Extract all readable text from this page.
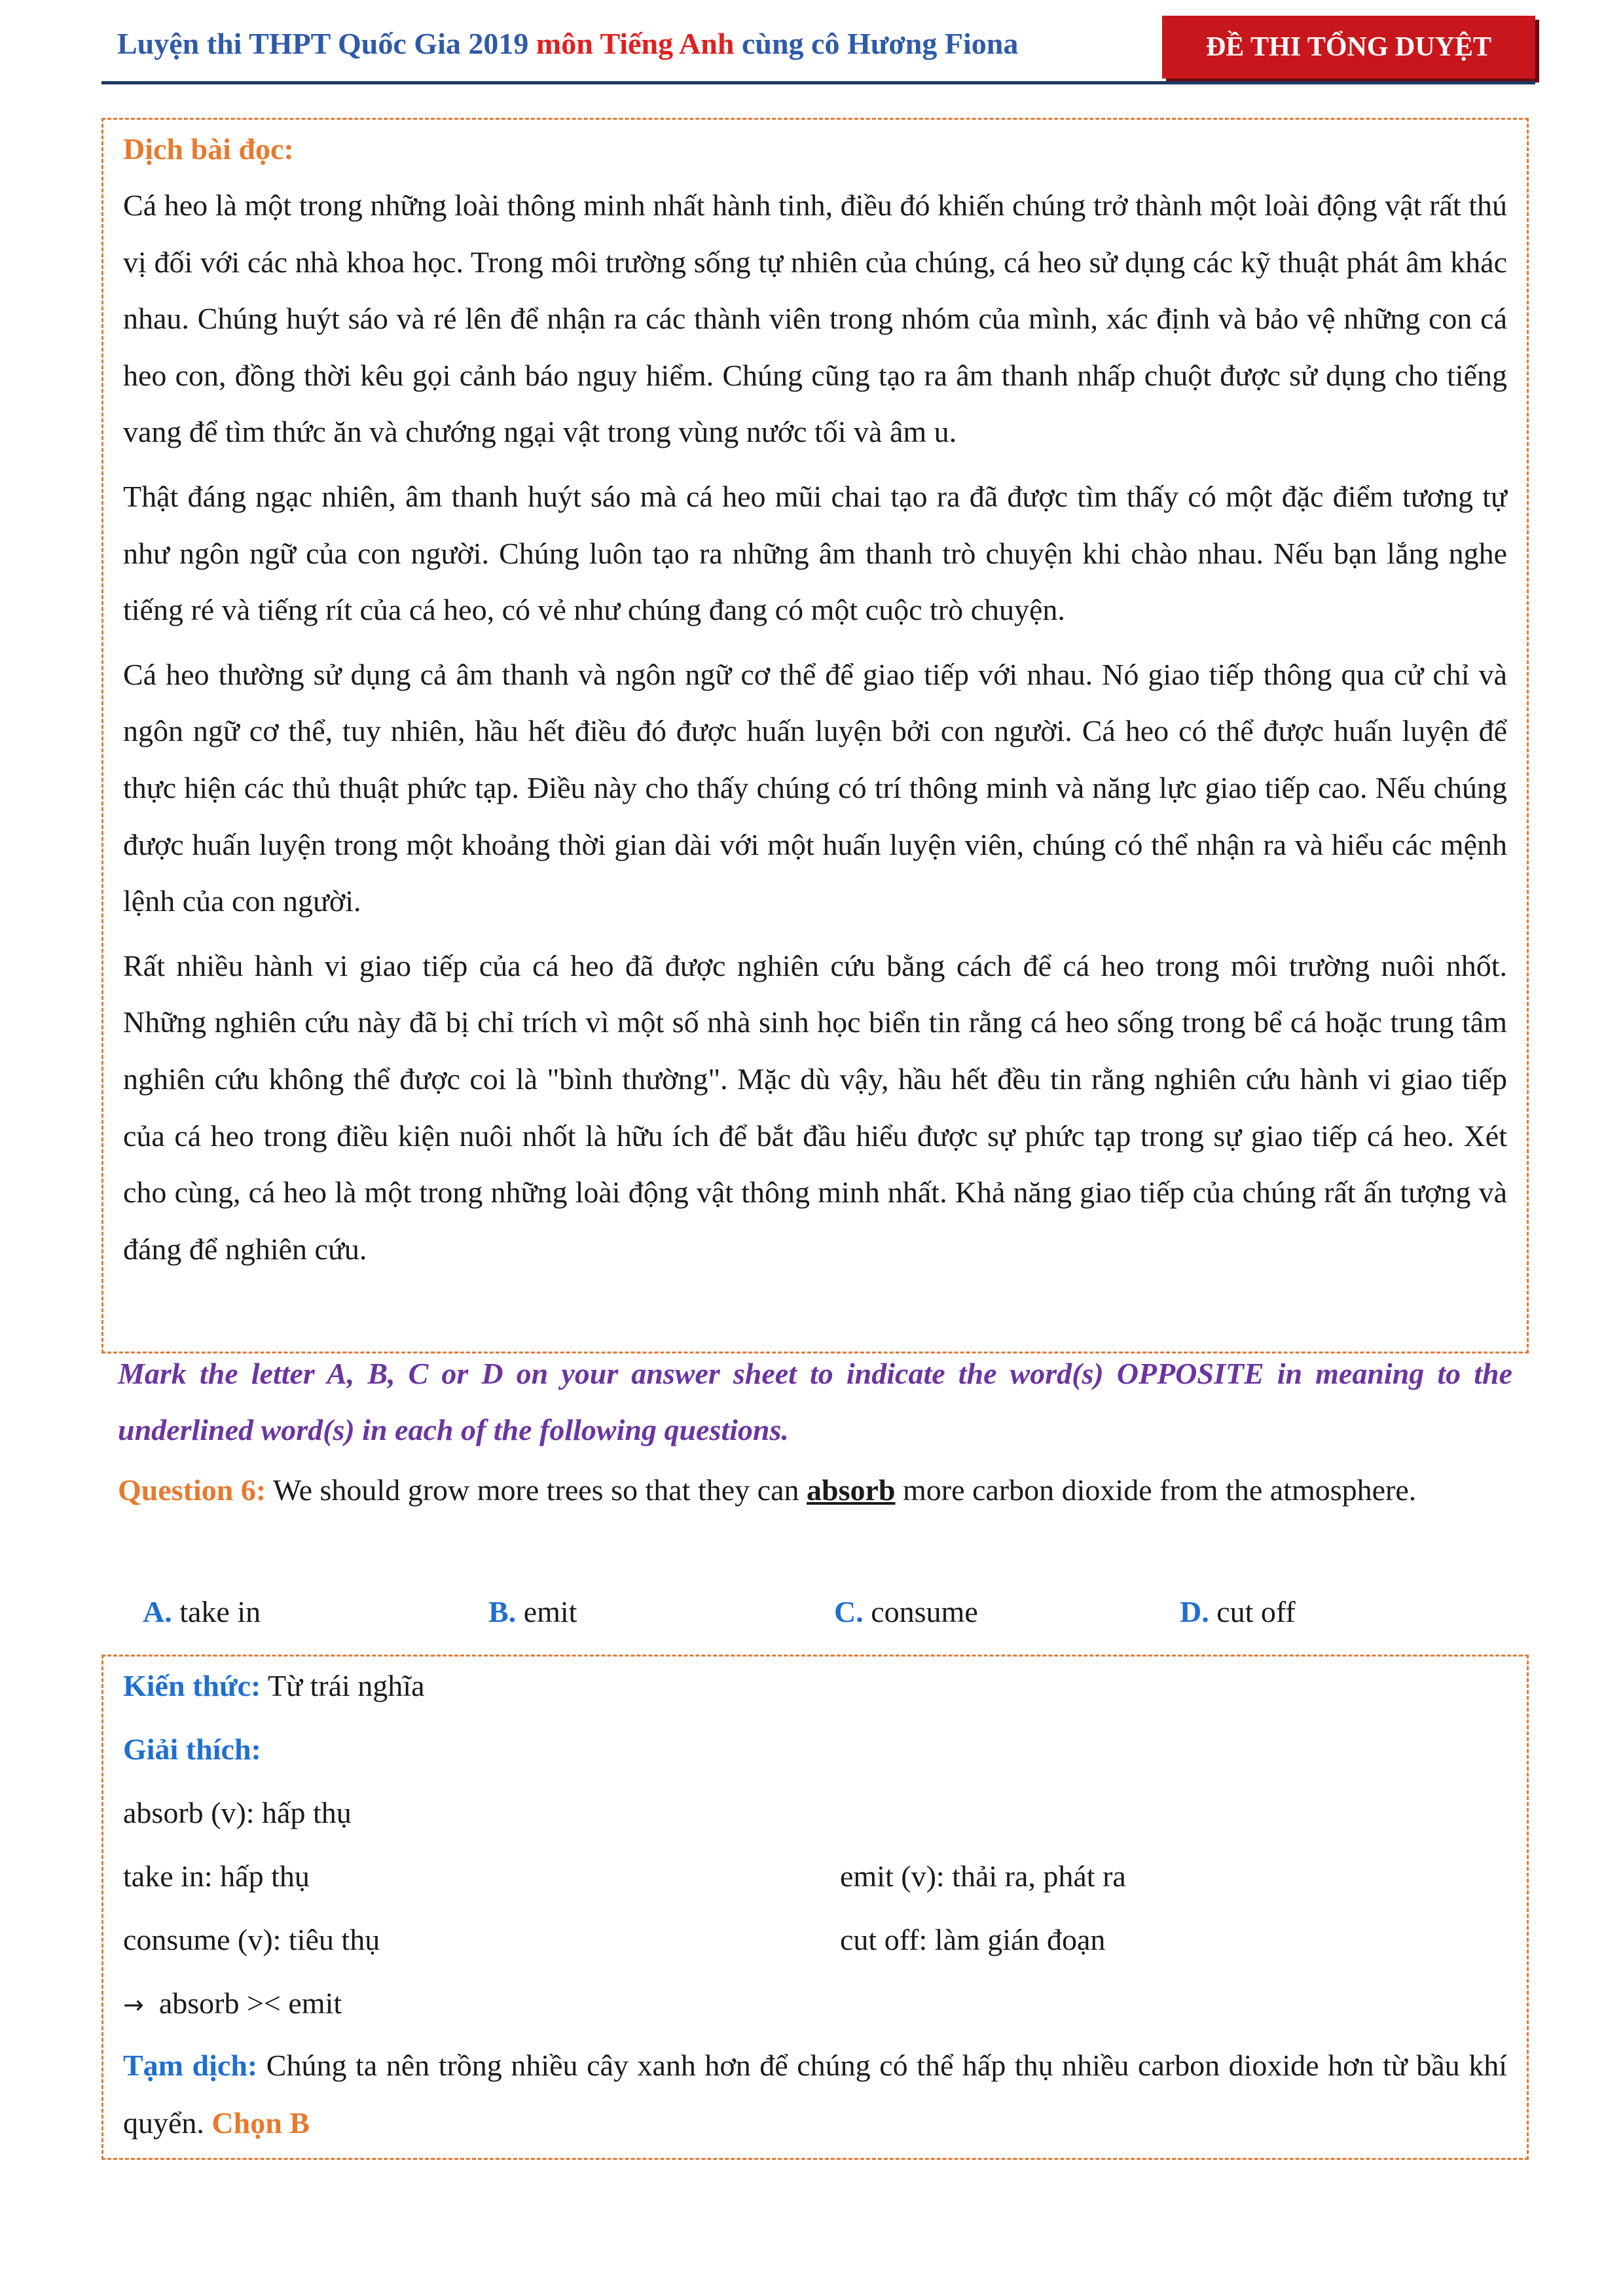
Luyện thi THPT Quốc Gia 2019 môn Tiếng Anh cùng cô Hương Fiona	ĐỀ THI TỔNG DUYỆT
Dịch bài đọc:

Cá heo là một trong những loài thông minh nhất hành tinh, điều đó khiến chúng trở thành một loài động vật rất thú vị đối với các nhà khoa học. Trong môi trường sống tự nhiên của chúng, cá heo sử dụng các kỹ thuật phát âm khác nhau. Chúng huýt sáo và ré lên để nhận ra các thành viên trong nhóm của mình, xác định và bảo vệ những con cá heo con, đồng thời kêu gọi cảnh báo nguy hiểm. Chúng cũng tạo ra âm thanh nhấp chuột được sử dụng cho tiếng vang để tìm thức ăn và chướng ngại vật trong vùng nước tối và âm u.

Thật đáng ngạc nhiên, âm thanh huýt sáo mà cá heo mũi chai tạo ra đã được tìm thấy có một đặc điểm tương tự như ngôn ngữ của con người. Chúng luôn tạo ra những âm thanh trò chuyện khi chào nhau. Nếu bạn lắng nghe tiếng ré và tiếng rít của cá heo, có vẻ như chúng đang có một cuộc trò chuyện.

Cá heo thường sử dụng cả âm thanh và ngôn ngữ cơ thể để giao tiếp với nhau. Nó giao tiếp thông qua cử chỉ và ngôn ngữ cơ thể, tuy nhiên, hầu hết điều đó được huấn luyện bởi con người. Cá heo có thể được huấn luyện để thực hiện các thủ thuật phức tạp. Điều này cho thấy chúng có trí thông minh và năng lực giao tiếp cao. Nếu chúng được huấn luyện trong một khoảng thời gian dài với một huấn luyện viên, chúng có thể nhận ra và hiểu các mệnh lệnh của con người.

Rất nhiều hành vi giao tiếp của cá heo đã được nghiên cứu bằng cách để cá heo trong môi trường nuôi nhốt. Những nghiên cứu này đã bị chỉ trích vì một số nhà sinh học biển tin rằng cá heo sống trong bể cá hoặc trung tâm nghiên cứu không thể được coi là "bình thường". Mặc dù vậy, hầu hết đều tin rằng nghiên cứu hành vi giao tiếp của cá heo trong điều kiện nuôi nhốt là hữu ích để bắt đầu hiểu được sự phức tạp trong sự giao tiếp cá heo. Xét cho cùng, cá heo là một trong những loài động vật thông minh nhất. Khả năng giao tiếp của chúng rất ấn tượng và đáng để nghiên cứu.

Mark the letter A, B, C or D on your answer sheet to indicate the word(s) OPPOSITE in meaning to the underlined word(s) in each of the following questions.

Question 6: We should grow more trees so that they can absorb more carbon dioxide from the atmosphere.

A. take in	B. emit	C. consume	D. cut off

Kiến thức: Từ trái nghĩa

Giải thích:

absorb (v): hấp thụ

take in: hấp thụ	emit (v): thải ra, phát ra
consume (v): tiêu thụ	cut off: làm gián đoạn

→ absorb >< emit

Tạm dịch: Chúng ta nên trồng nhiều cây xanh hơn để chúng có thể hấp thụ nhiều carbon dioxide hơn từ bầu khí quyển. Chọn B
